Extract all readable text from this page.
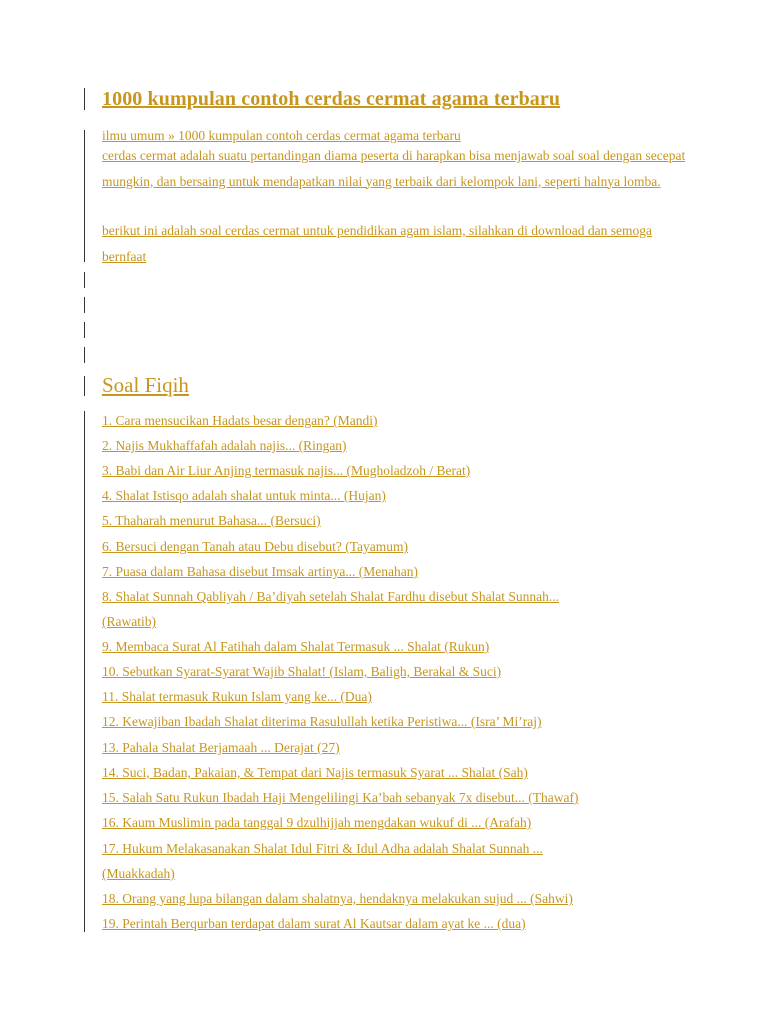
1000 kumpulan contoh cerdas cermat agama terbaru
ilmu umum » 1000 kumpulan contoh cerdas cermat agama terbaru
cerdas cermat adalah suatu pertandingan diama peserta di harapkan bisa menjawab soal soal dengan secepat mungkin, dan bersaing untuk mendapatkan nilai yang terbaik dari kelompok lani, seperti halnya lomba.
berikut ini adalah soal cerdas cermat untuk pendidikan agam islam, silahkan di download dan semoga bernfaat
Soal Fiqih
1. Cara mensucikan Hadats besar dengan? (Mandi)
2. Najis Mukhaffafah adalah najis... (Ringan)
3. Babi dan Air Liur Anjing termasuk najis... (Mugholadzoh / Berat)
4. Shalat Istisqo adalah shalat untuk minta... (Hujan)
5. Thaharah menurut Bahasa... (Bersuci)
6. Bersuci dengan Tanah atau Debu disebut? (Tayamum)
7. Puasa dalam Bahasa disebut Imsak artinya... (Menahan)
8. Shalat Sunnah Qabliyah / Ba’diyah setelah Shalat Fardhu disebut Shalat Sunnah...
(Rawatib)
9. Membaca Surat Al Fatihah dalam Shalat Termasuk ... Shalat (Rukun)
10. Sebutkan Syarat-Syarat Wajib Shalat! (Islam, Baligh, Berakal & Suci)
11. Shalat termasuk Rukun Islam yang ke... (Dua)
12. Kewajiban Ibadah Shalat diterima Rasulullah ketika Peristiwa... (Isra’ Mi’raj)
13. Pahala Shalat Berjamaah ... Derajat (27)
14. Suci, Badan, Pakaian, & Tempat dari Najis termasuk Syarat ... Shalat (Sah)
15. Salah Satu Rukun Ibadah Haji Mengelilingi Ka’bah sebanyak 7x disebut... (Thawaf)
16. Kaum Muslimin pada tanggal 9 dzulhijjah mengdakan wukuf di ... (Arafah)
17. Hukum Melakasanakan Shalat Idul Fitri & Idul Adha adalah Shalat Sunnah ...
(Muakkadah)
18. Orang yang lupa bilangan dalam shalatnya, hendaknya melakukan sujud ... (Sahwi)
19. Perintah Berqurban terdapat dalam surat Al Kautsar dalam ayat ke ... (dua)
